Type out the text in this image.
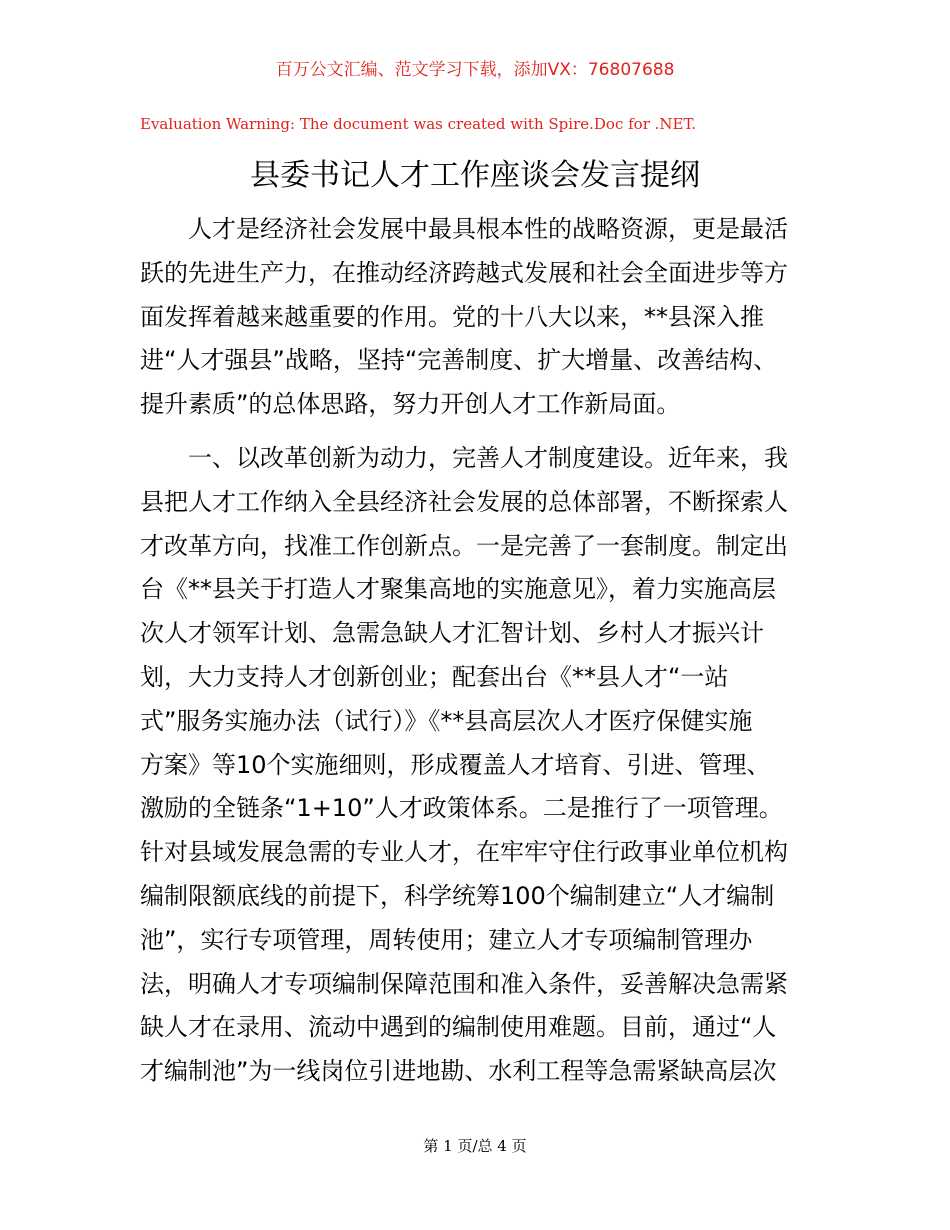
百万公文汇编、范文学习下载，添加VX：76807688
Evaluation Warning: The document was created with Spire.Doc for .NET.
县委书记人才工作座谈会发言提纲
人才是经济社会发展中最具根本性的战略资源，更是最活
跃的先进生产力，在推动经济跨越式发展和社会全面进步等方
面发挥着越来越重要的作用。党的十八大以来，**县深入推
进“人才强县”战略，坚持“完善制度、扩大增量、改善结构、
提升素质”的总体思路，努力开创人才工作新局面。
一、以改革创新为动力，完善人才制度建设。近年来，我
县把人才工作纳入全县经济社会发展的总体部署，不断探索人
才改革方向，找准工作创新点。一是完善了一套制度。制定出
台《**县关于打造人才聚集高地的实施意见》，着力实施高层
次人才领军计划、急需急缺人才汇智计划、乡村人才振兴计
划，大力支持人才创新创业；配套出台《**县人才“一站
式”服务实施办法（试行）》《**县高层次人才医疗保健实施
方案》等10个实施细则，形成覆盖人才培育、引进、管理、
激励的全链条“1+10”人才政策体系。二是推行了一项管理。
针对县域发展急需的专业人才，在牢牢守住行政事业单位机构
编制限额底线的前提下，科学统筹100个编制建立“人才编制
池”，实行专项管理，周转使用；建立人才专项编制管理办
法，明确人才专项编制保障范围和准入条件，妥善解决急需紧
缺人才在录用、流动中遇到的编制使用难题。目前，通过“人
才编制池”为一线岗位引进地勘、水利工程等急需紧缺高层次
第 1 页/总 4 页
